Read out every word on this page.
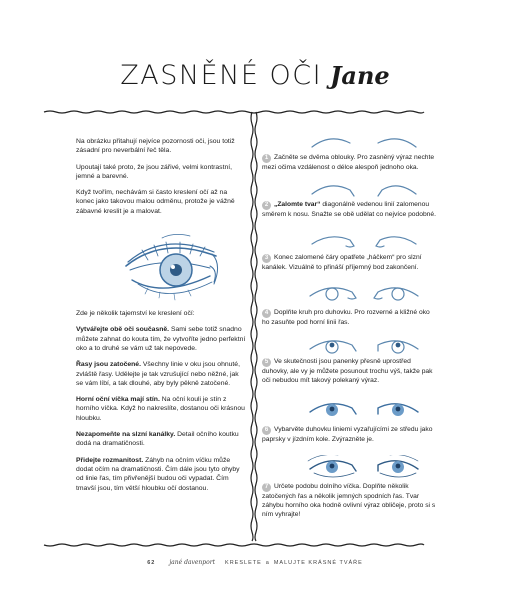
ZASNĚNÉ OČI Jane

Na obrázku přitahují nejvíce pozornosti oči, jsou totiž zásadní pro neverbální řeč těla.

Upoutají také proto, že jsou zářivé, velmi kontrastní, jemné a barevné.

Když tvořím, nechávám si často kreslení očí až na konec jako takovou malou odměnu, protože je vážně zábavné kreslit je a malovat.

Zde je několik tajemství ke kreslení očí:

Vytvářejte obě oči současně. Sami sebe totiž snadno můžete zahnat do kouta tím, že vytvoříte jedno perfektní oko a to druhé se vám už tak nepovede.

Řasy jsou zatočené. Všechny linie v oku jsou ohnuté, zvláště řasy. Udělejte je tak vzrušující nebo něžné, jak se vám líbí, a tak dlouhé, aby byly pěkně zatočené.

Horní oční víčka mají stín. Na oční kouli je stín z horního víčka. Když ho nakreslíte, dostanou oči krásnou hloubku.

Nezapomeňte na slzní kanálky. Detail očního koutku dodá na dramatičnosti.

Přidejte rozmanitost. Záhyb na očním víčku může dodat očím na dramatičnosti. Čím dále jsou tyto ohyby od linie řas, tím přivřenější budou oči vypadat. Čím tmavší jsou, tím větší hloubku očí dostanou.

1 Začněte se dvěma oblouky. Pro zasněný výraz nechte mezi očima vzdálenost o délce alespoň jednoho oka.
2 „Zalomte tvar“ diagonálně vedenou linií zalomenou směrem k nosu. Snažte se obě udělat co nejvíce podobné.
3 Konec zalomené čáry opatřete „háčkem“ pro slzní kanálek. Vizuálně to přináší příjemný bod zakončení.
4 Doplňte kruh pro duhovku. Pro rozverné a kližné oko ho zasuňte pod horní linii řas.
5 Ve skutečnosti jsou panenky přesně uprostřed duhovky, ale vy je můžete posunout trochu výš, takže pak oči nebudou mít takový polekaný výraz.
6 Vybarvěte duhovku liniemi vyzařujícími ze středu jako paprsky v jízdním kole. Zvýrazněte je.
7 Určete podobu dolního víčka. Doplňte několik zatočených řas a několik jemných spodních řas. Tvar záhybu horního oka hodně ovlivní výraz obličeje, proto si s ním vyhrajte!
62 jané davenport KRESLETE a MALUJTE KRÁSNÉ TVÁŘE
